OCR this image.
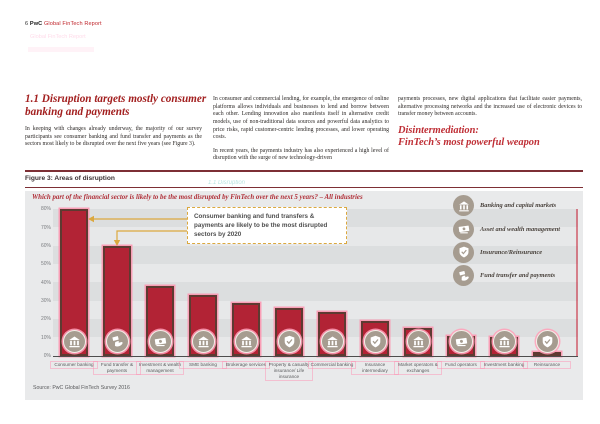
6 PwC Global FinTech Report
Global FinTech Report
1.1 Disruption targets mostly consumer banking and payments

In keeping with changes already underway, the majority of our survey participants see consumer banking and fund transfer and payments as the sectors most likely to be disrupted over the next five years (see Figure 3).

In consumer and commercial lending, for example, the emergence of online platforms allows individuals and businesses to lend and borrow between each other. Lending innovation also manifests itself in alternative credit models, use of non-traditional data sources and powerful data analytics to price risks, rapid customer-centric lending processes, and lower operating costs.

In recent years, the payments industry has also experienced a high level of disruption with the surge of new technology-driven

payments processes, new digital applications that facilitate easier payments, alternative processing networks and the increased use of electronic devices to transfer money between accounts.

Disintermediation:
FinTech’s most powerful weapon
Figure 3: Areas of disruption
1.1 Disruption
Which part of the financial sector is likely to be the most disrupted by FinTech over the next 5 years? – All industries
0%
10%
20%
30%
40%
50%
60%
70%
80%
Consumer banking	Fund transfer & payments
Investment & wealth management
SME banking	Brokerage services Property & casualty insurance/ Life insurance
Commercial banking	Insurance intermediary
Market operators & exchanges
Fund operators	Investment banking	Reinsurance
Banking and capital markets
Asset and wealth management
Insurance/Reinsurance
Fund transfer and payments
Consumer banking and fund transfers & payments are likely to be the most disrupted sectors by 2020
Source: PwC Global FinTech Survey 2016
